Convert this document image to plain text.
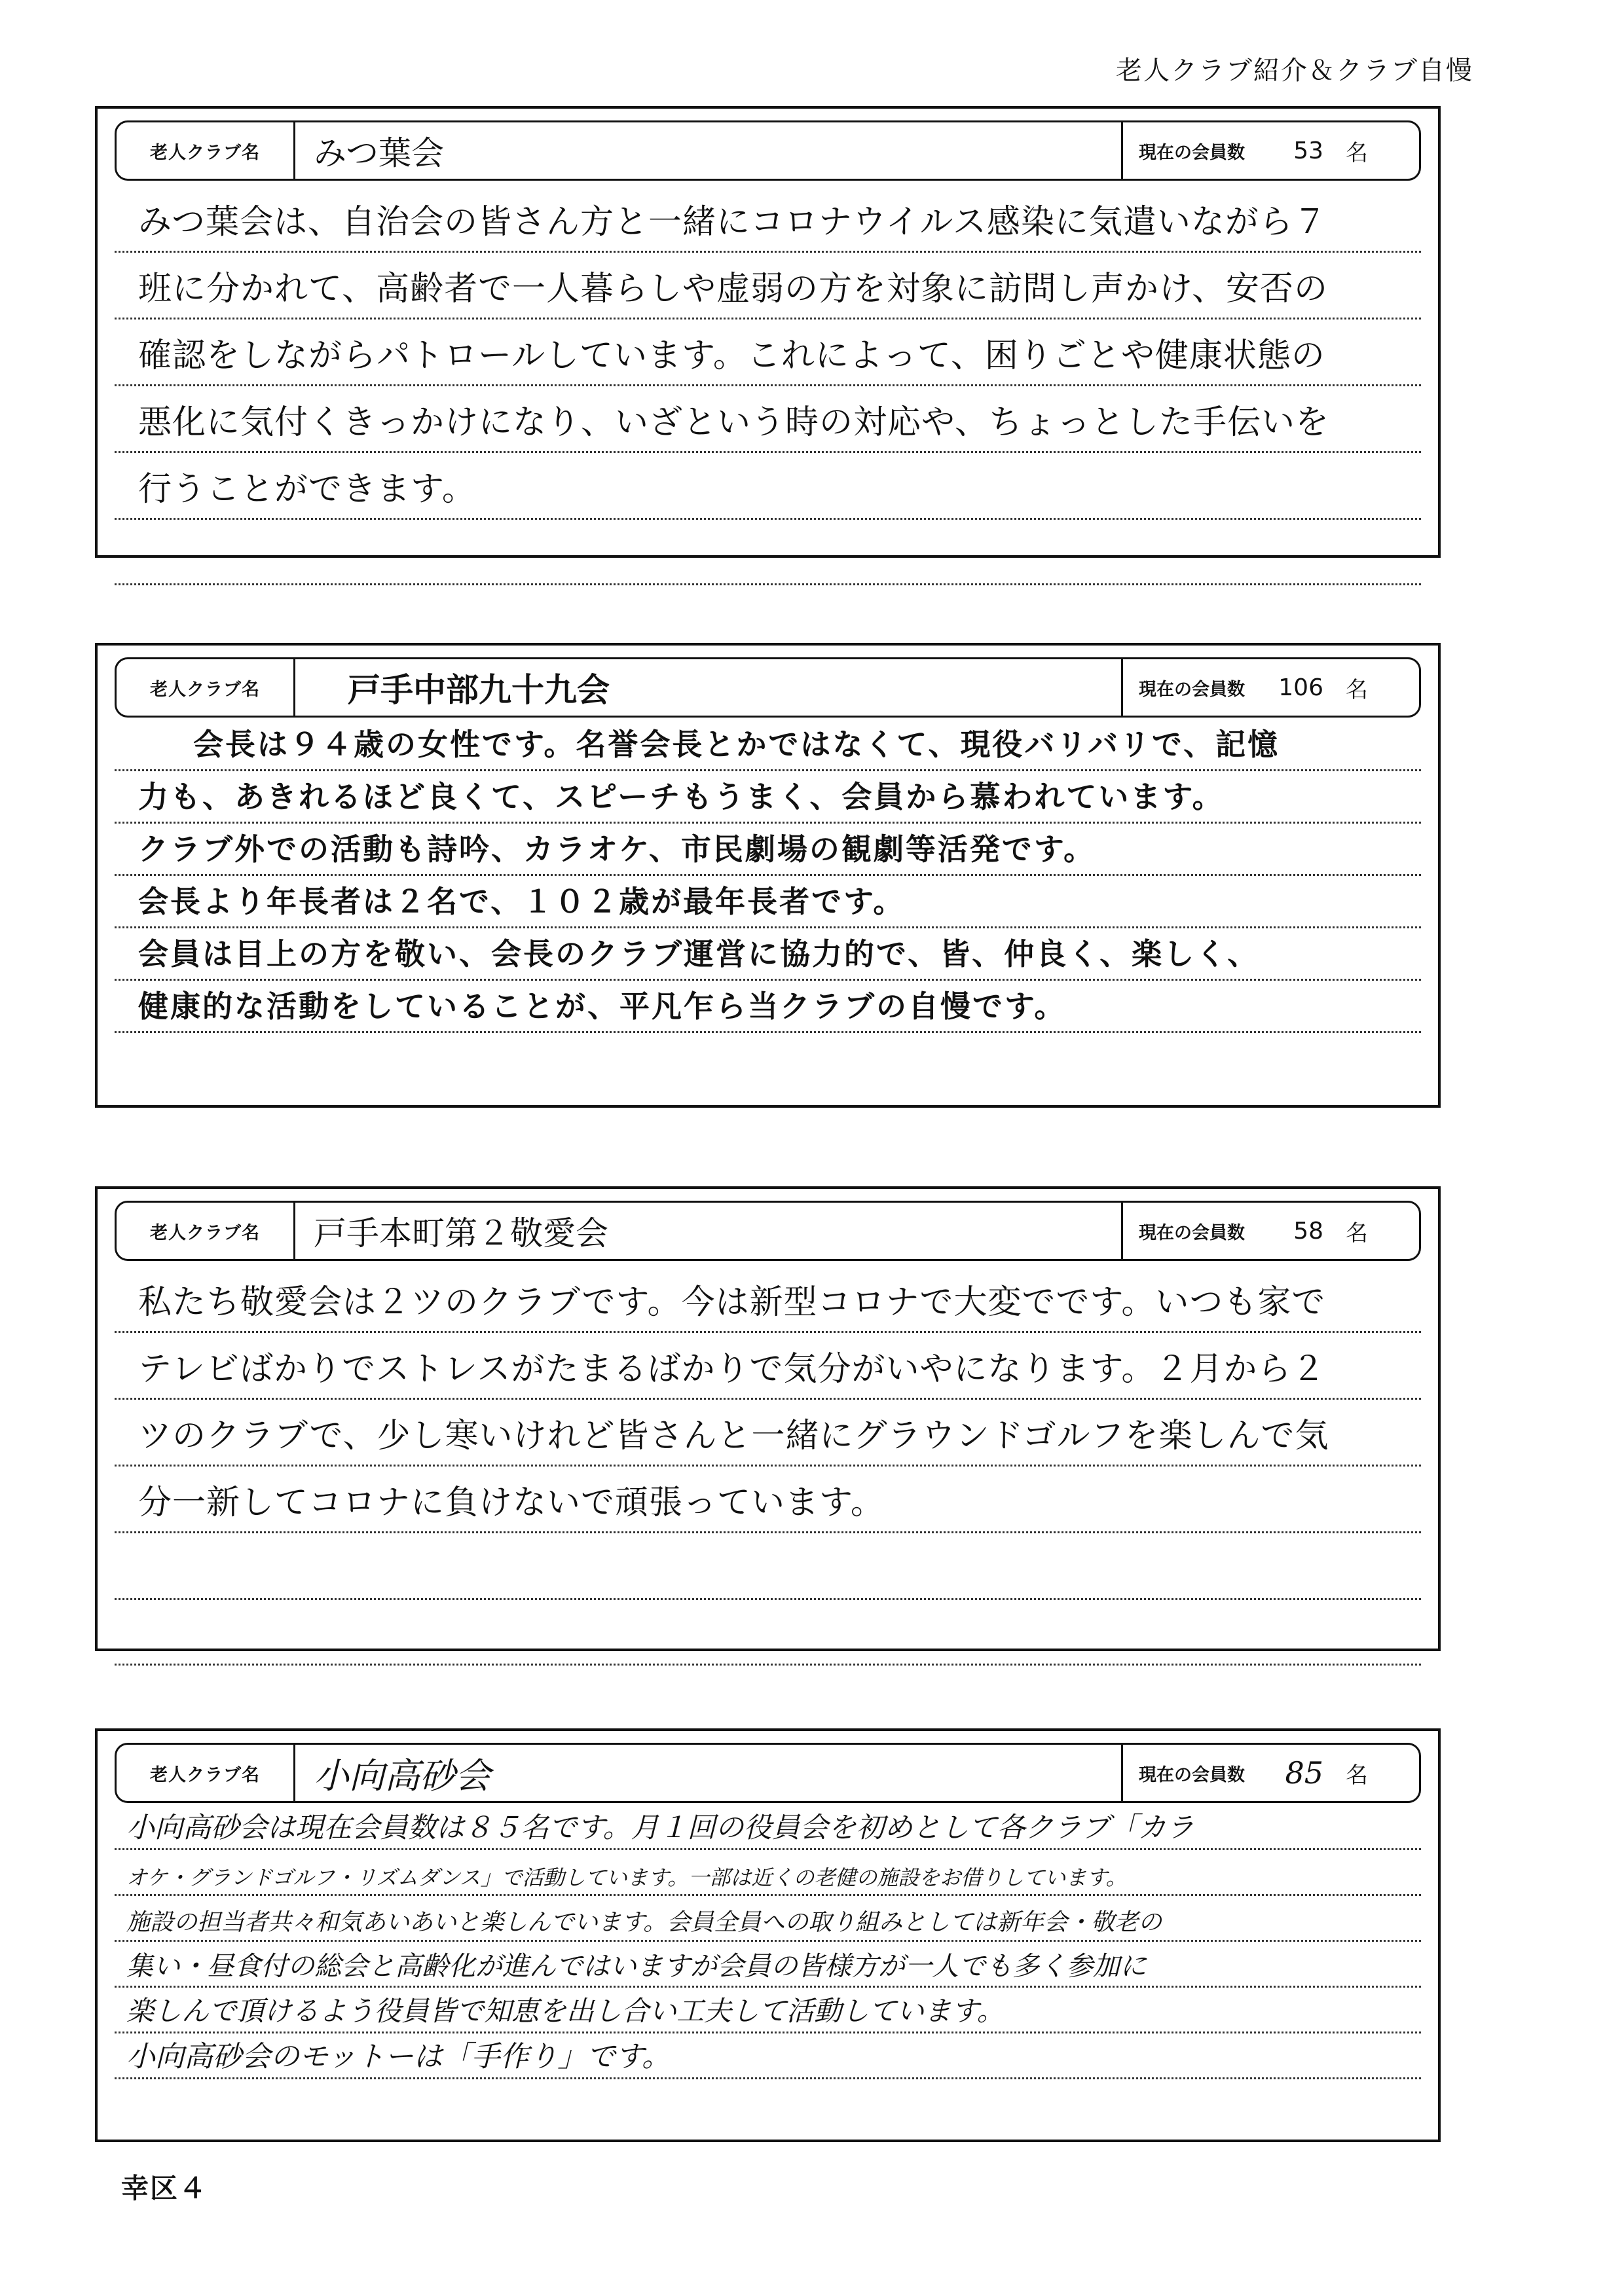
老人クラブ紹介＆クラブ自慢
老人クラブ名	みつ葉会	現在の会員数	53 名
みつ葉会は、自治会の皆さん方と一緒にコロナウイルス感染に気遣いながら７
班に分かれて、高齢者で一人暮らしや虚弱の方を対象に訪問し声かけ、安否の
確認をしながらパトロールしています。これによって、困りごとや健康状態の
悪化に気付くきっかけになり、いざという時の対応や、ちょっとした手伝いを
行うことができます。
老人クラブ名	戸手中部九十九会	現在の会員数	106 名
会長は９４歳の女性です。名誉会長とかではなくて、現役バリバリで、記憶
力も、あきれるほど良くて、スピーチもうまく、会員から慕われています。
クラブ外での活動も詩吟、カラオケ、市民劇場の観劇等活発です。
会長より年長者は２名で、１０２歳が最年長者です。
会員は目上の方を敬い、会長のクラブ運営に協力的で、皆、仲良く、楽しく、
健康的な活動をしていることが、平凡乍ら当クラブの自慢です。
老人クラブ名	戸手本町第２敬愛会	現在の会員数	58 名
私たち敬愛会は２ツのクラブです。今は新型コロナで大変でです。いつも家で
テレビばかりでストレスがたまるばかりで気分がいやになります。２月から２
ツのクラブで、少し寒いけれど皆さんと一緒にグラウンドゴルフを楽しんで気
分一新してコロナに負けないで頑張っています。
老人クラブ名	小向高砂会	現在の会員数	85 名
小向高砂会は現在会員数は８５名です。月１回の役員会を初めとして各クラブ「カラ
オケ・グランドゴルフ・リズムダンス」で活動しています。一部は近くの老健の施設をお借りしています。
施設の担当者共々和気あいあいと楽しんでいます。会員全員への取り組みとしては新年会・敬老の
集い・昼食付の総会と高齢化が進んではいますが会員の皆様方が一人でも多く参加に
楽しんで頂けるよう役員皆で知恵を出し合い工夫して活動しています。
小向高砂会のモットーは「手作り」です。
幸区４
